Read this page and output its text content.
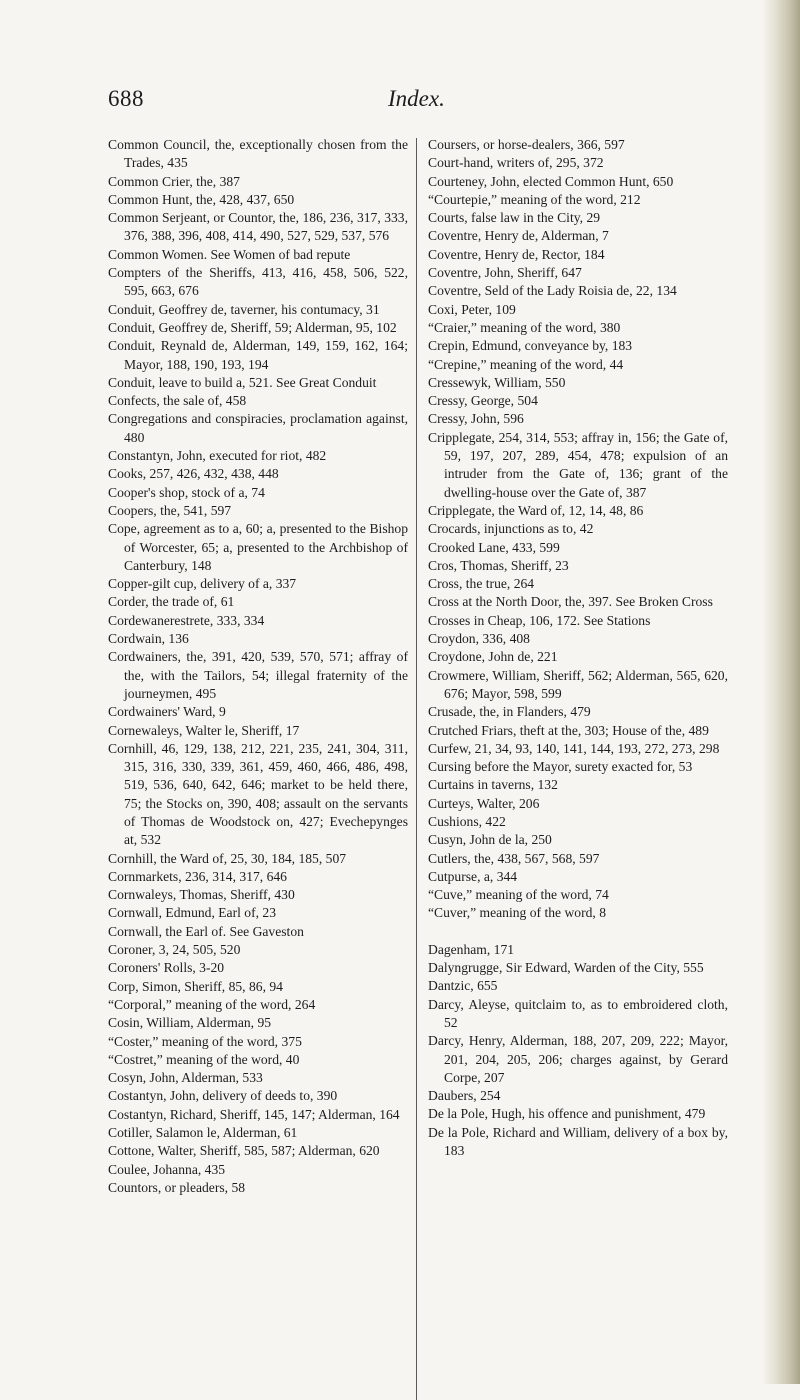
688	Index.

Common Council, the, exceptionally chosen from the Trades, 435

Common Crier, the, 387

Common Hunt, the, 428, 437, 650

Common Serjeant, or Countor, the, 186, 236, 317, 333, 376, 388, 396, 408, 414, 490, 527, 529, 537, 576

Common Women. See Women of bad repute

Compters of the Sheriffs, 413, 416, 458, 506, 522, 595, 663, 676

Conduit, Geoffrey de, taverner, his contumacy, 31

Conduit, Geoffrey de, Sheriff, 59; Alderman, 95, 102

Conduit, Reynald de, Alderman, 149, 159, 162, 164; Mayor, 188, 190, 193, 194

Conduit, leave to build a, 521. See Great Conduit

Confects, the sale of, 458

Congregations and conspiracies, proclamation against, 480

Constantyn, John, executed for riot, 482

Cooks, 257, 426, 432, 438, 448

Cooper's shop, stock of a, 74

Coopers, the, 541, 597

Cope, agreement as to a, 60; a, presented to the Bishop of Worcester, 65; a, presented to the Archbishop of Canterbury, 148

Copper-gilt cup, delivery of a, 337

Corder, the trade of, 61

Cordewanerestrete, 333, 334

Cordwain, 136

Cordwainers, the, 391, 420, 539, 570, 571; affray of the, with the Tailors, 54; illegal fraternity of the journeymen, 495

Cordwainers' Ward, 9

Cornewaleys, Walter le, Sheriff, 17

Cornhill, 46, 129, 138, 212, 221, 235, 241, 304, 311, 315, 316, 330, 339, 361, 459, 460, 466, 486, 498, 519, 536, 640, 642, 646; market to be held there, 75; the Stocks on, 390, 408; assault on the servants of Thomas de Woodstock on, 427; Evechepynges at, 532

Cornhill, the Ward of, 25, 30, 184, 185, 507

Cornmarkets, 236, 314, 317, 646

Cornwaleys, Thomas, Sheriff, 430

Cornwall, Edmund, Earl of, 23

Cornwall, the Earl of. See Gaveston

Coroner, 3, 24, 505, 520

Coroners' Rolls, 3-20

Corp, Simon, Sheriff, 85, 86, 94

“Corporal,” meaning of the word, 264

Cosin, William, Alderman, 95

“Coster,” meaning of the word, 375

“Costret,” meaning of the word, 40

Cosyn, John, Alderman, 533

Costantyn, John, delivery of deeds to, 390

Costantyn, Richard, Sheriff, 145, 147; Alderman, 164

Cotiller, Salamon le, Alderman, 61

Cottone, Walter, Sheriff, 585, 587; Alderman, 620

Coulee, Johanna, 435

Countors, or pleaders, 58

Coursers, or horse-dealers, 366, 597

Court-hand, writers of, 295, 372

Courteney, John, elected Common Hunt, 650

“Courtepie,” meaning of the word, 212

Courts, false law in the City, 29

Coventre, Henry de, Alderman, 7

Coventre, Henry de, Rector, 184

Coventre, John, Sheriff, 647

Coventre, Seld of the Lady Roisia de, 22, 134

Coxi, Peter, 109

“Craier,” meaning of the word, 380

Crepin, Edmund, conveyance by, 183

“Crepine,” meaning of the word, 44

Cressewyk, William, 550

Cressy, George, 504

Cressy, John, 596

Cripplegate, 254, 314, 553; affray in, 156; the Gate of, 59, 197, 207, 289, 454, 478; expulsion of an intruder from the Gate of, 136; grant of the dwelling-house over the Gate of, 387

Cripplegate, the Ward of, 12, 14, 48, 86

Crocards, injunctions as to, 42

Crooked Lane, 433, 599

Cros, Thomas, Sheriff, 23

Cross, the true, 264

Cross at the North Door, the, 397. See Broken Cross

Crosses in Cheap, 106, 172. See Stations

Croydon, 336, 408

Croydone, John de, 221

Crowmere, William, Sheriff, 562; Alderman, 565, 620, 676; Mayor, 598, 599

Crusade, the, in Flanders, 479

Crutched Friars, theft at the, 303; House of the, 489

Curfew, 21, 34, 93, 140, 141, 144, 193, 272, 273, 298

Cursing before the Mayor, surety exacted for, 53

Curtains in taverns, 132

Curteys, Walter, 206

Cushions, 422

Cusyn, John de la, 250

Cutlers, the, 438, 567, 568, 597

Cutpurse, a, 344

“Cuve,” meaning of the word, 74

“Cuver,” meaning of the word, 8

Dagenham, 171

Dalyngrugge, Sir Edward, Warden of the City, 555

Dantzic, 655

Darcy, Aleyse, quitclaim to, as to embroidered cloth, 52

Darcy, Henry, Alderman, 188, 207, 209, 222; Mayor, 201, 204, 205, 206; charges against, by Gerard Corpe, 207

Daubers, 254

De la Pole, Hugh, his offence and punishment, 479

De la Pole, Richard and William, delivery of a box by, 183
